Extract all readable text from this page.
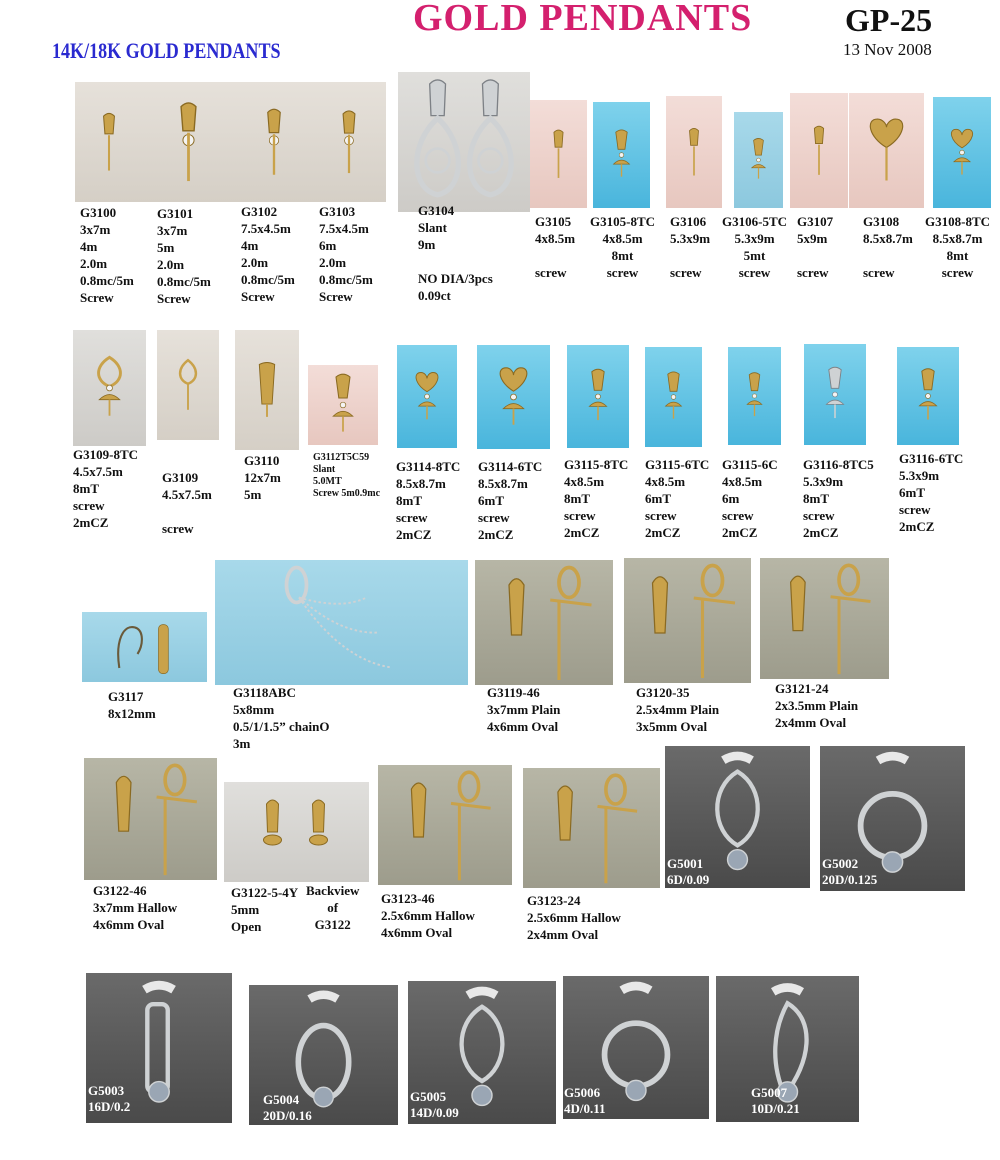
GOLD PENDANTS	GP-25
13 Nov 2008
14K/18K GOLD PENDANTS
G3100
3x7m
4m
2.0m
0.8mc/5m
Screw
G3101
3x7m
5m
2.0m
0.8mc/5m
Screw
G3102
7.5x4.5m
4m
2.0m
0.8mc/5m
Screw
G3103
7.5x4.5m
6m
2.0m
0.8mc/5m
Screw
G3104
Slant
9m
NO DIA/3pcs
0.09ct
G3105
4x8.5m
screw
G3105-8TC
4x8.5m
8mt
screw
G3106
5.3x9m
screw
G3106-5TC
5.3x9m
5mt
screw
G3107
5x9m
screw
G3108
8.5x8.7m
screw
G3108-8TC
8.5x8.7m
8mt
screw
G3109-8TC
4.5x7.5m
8mT
screw
2mCZ
G3109
4.5x7.5m
screw
G3110
12x7m
5m
G3112T5C59
Slant
5.0MT
Screw 5m0.9mc
G3114-8TC
8.5x8.7m
8mT
screw
2mCZ
G3114-6TC
8.5x8.7m
6mT
screw
2mCZ
G3115-8TC
4x8.5m
8mT
screw
2mCZ
G3115-6TC
4x8.5m
6mT
screw
2mCZ
G3115-6C
4x8.5m
6m
screw
2mCZ
G3116-8TC5
5.3x9m
8mT
screw
2mCZ
G3116-6TC
5.3x9m
6mT
screw
2mCZ
G3117
8x12mm
G3118ABC
5x8mm
0.5/1/1.5” chainO
3m
G3119-46
3x7mm Plain
4x6mm Oval
G3120-35
2.5x4mm Plain
3x5mm Oval
G3121-24
2x3.5mm Plain
2x4mm Oval
G3122-46
3x7mm Hallow
4x6mm Oval
G3122-5-4Y
5mm
Open
Backview
of
G3122
G3123-46
2.5x6mm Hallow
4x6mm Oval
G3123-24
2.5x6mm Hallow
2x4mm Oval
G5001
6D/0.09
G5002
20D/0.125
G5003
16D/0.2	G5004
20D/0.16
G5005
14D/0.09
G5006
4D/0.11
G5007
10D/0.21
